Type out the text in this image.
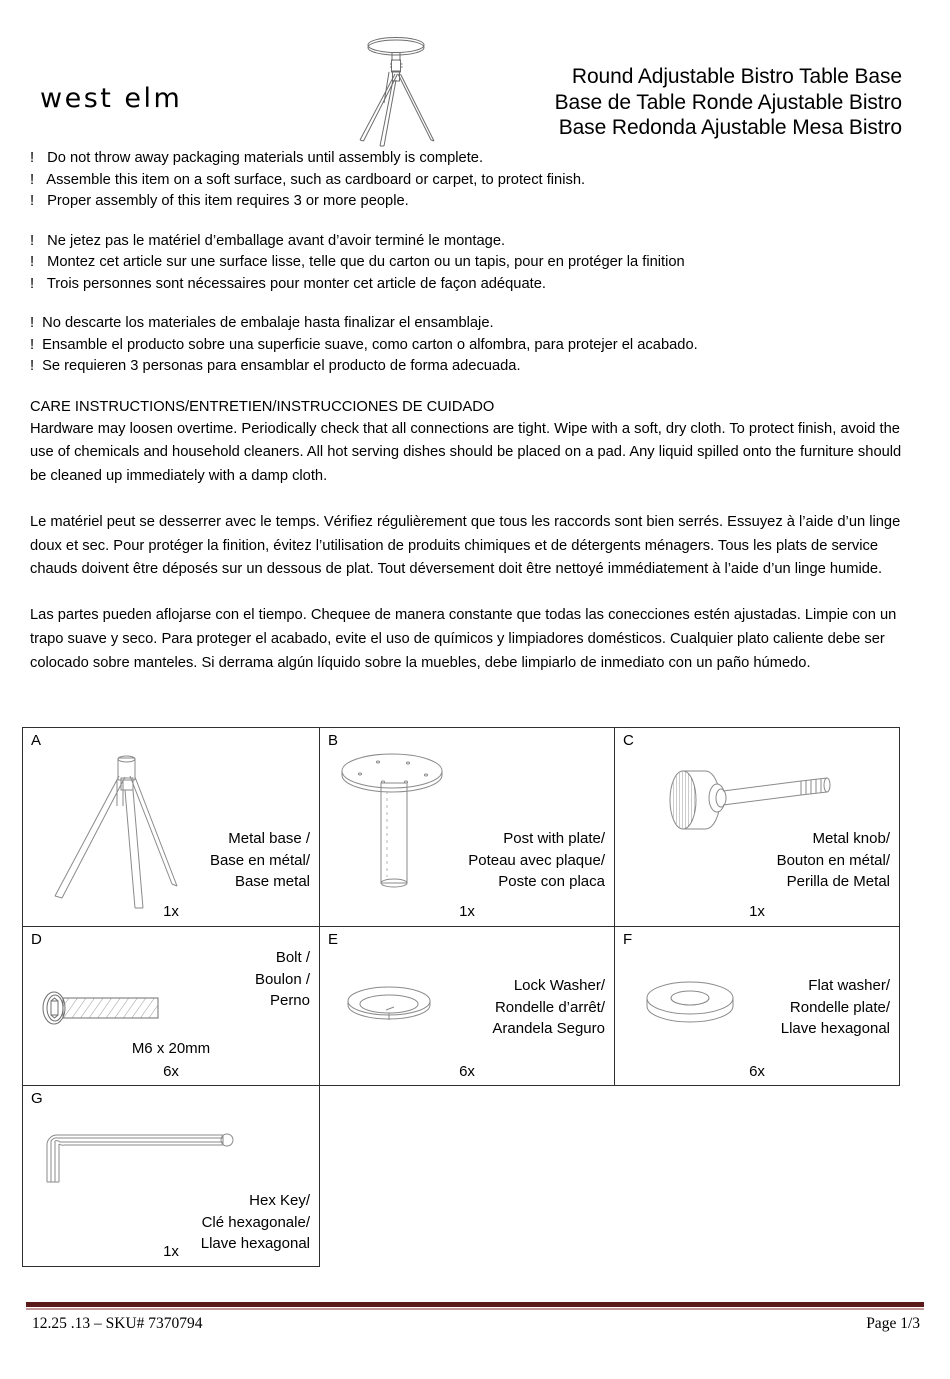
west elm
Round Adjustable Bistro Table Base
Base de Table Ronde Ajustable Bistro
Base Redonda Ajustable Mesa Bistro
! Do not throw away packaging materials until assembly is complete.
! Assemble this item on a soft surface, such as cardboard or carpet, to protect finish.
! Proper assembly of this item requires 3 or more people.
! Ne jetez pas le matériel d’emballage avant d’avoir terminé le montage.
! Montez cet article sur une surface lisse, telle que du carton ou un tapis, pour en protéger la finition
! Trois personnes sont nécessaires pour monter cet article de façon adéquate.
! No descarte los materiales de embalaje hasta finalizar el ensamblaje.
! Ensamble el producto sobre una superficie suave, como carton o alfombra, para protejer el acabado.
! Se requieren 3 personas para ensamblar el producto de forma adecuada.
CARE INSTRUCTIONS/ENTRETIEN/INSTRUCCIONES DE CUIDADO

Hardware may loosen overtime. Periodically check that all connections are tight. Wipe with a soft, dry cloth. To protect finish, avoid the use of chemicals and household cleaners. All hot serving dishes should be placed on a pad. Any liquid spilled onto the furniture should be cleaned up immediately with a damp cloth.

Le matériel peut se desserrer avec le temps. Vérifiez régulièrement que tous les raccords sont bien serrés. Essuyez à l’aide d’un linge doux et sec. Pour protéger la finition, évitez l’utilisation de produits chimiques et de détergents ménagers. Tous les plats de service chauds doivent être déposés sur un dessous de plat. Tout déversement doit être nettoyé immédiatement à l’aide d’un linge humide.

Las partes pueden aflojarse con el tiempo. Chequee de manera constante que todas las conecciones estén ajustadas. Limpie con un trapo suave y seco. Para proteger el acabado, evite el uso de químicos y limpiadores domésticos. Cualquier plato caliente debe ser colocado sobre manteles. Si derrama algún líquido sobre la muebles, debe limpiarlo de inmediato con un paño húmedo.

A
Metal base /
Base en métal/
Base metal
1x

B
Post with plate/
Poteau avec plaque/
Poste con placa
1x

C
Metal knob/
Bouton en métal/
Perilla de Metal
1x

D
Bolt /
Boulon /
Perno
M6 x 20mm
6x

E
Lock Washer/
Rondelle d’arrêt/
Arandela Seguro
6x

F
Flat washer/
Rondelle plate/
Llave hexagonal
6x

G
Hex Key/
Clé hexagonale/
Llave hexagonal
1x		

12.25 .13 – SKU# 7370794	Page 1/3
